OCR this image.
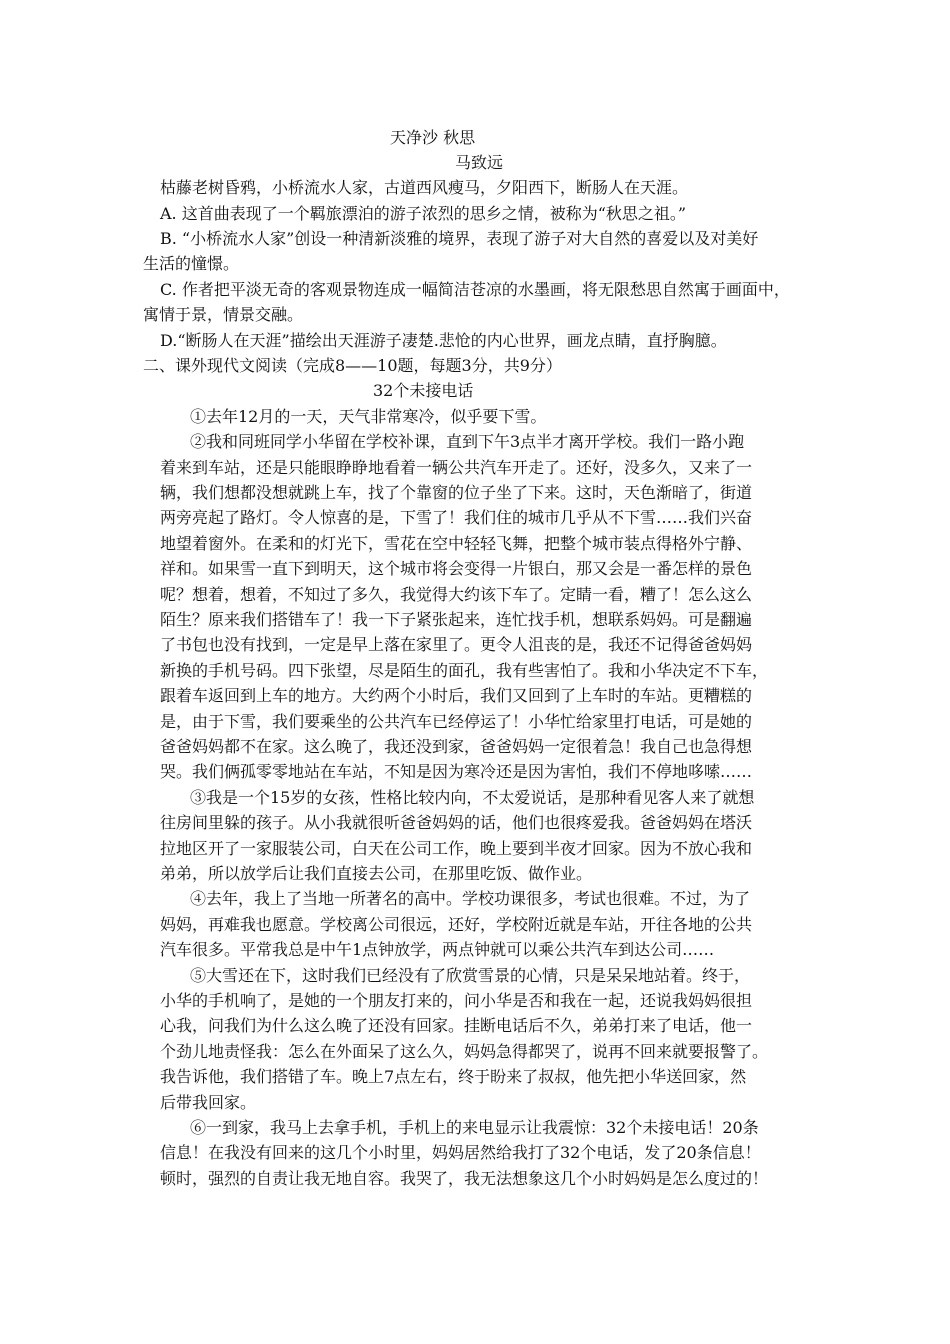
天净沙 秋思
马致远
枯藤老树昏鸦，小桥流水人家，古道西风瘦马，夕阳西下，断肠人在天涯。
A. 这首曲表现了一个羁旅漂泊的游子浓烈的思乡之情，被称为“秋思之祖。”
B. “小桥流水人家”创设一种清新淡雅的境界，表现了游子对大自然的喜爱以及对美好
生活的憧憬。
C. 作者把平淡无奇的客观景物连成一幅简洁苍凉的水墨画，将无限愁思自然寓于画面中，
寓情于景，情景交融。
D.“断肠人在天涯”描绘出天涯游子凄楚.悲怆的内心世界，画龙点睛，直抒胸臆。
二、课外现代文阅读（完成8——10题，每题3分，共9分）
32个未接电话
①去年12月的一天，天气非常寒冷，似乎要下雪。
②我和同班同学小华留在学校补课，直到下午3点半才离开学校。我们一路小跑
着来到车站，还是只能眼睁睁地看着一辆公共汽车开走了。还好，没多久，又来了一
辆，我们想都没想就跳上车，找了个靠窗的位子坐了下来。这时，天色渐暗了，街道
两旁亮起了路灯。令人惊喜的是，下雪了！我们住的城市几乎从不下雪……我们兴奋
地望着窗外。在柔和的灯光下，雪花在空中轻轻飞舞，把整个城市装点得格外宁静、
祥和。如果雪一直下到明天，这个城市将会变得一片银白，那又会是一番怎样的景色
呢？想着，想着，不知过了多久，我觉得大约该下车了。定睛一看，糟了！怎么这么
陌生？原来我们搭错车了！我一下子紧张起来，连忙找手机，想联系妈妈。可是翻遍
了书包也没有找到，一定是早上落在家里了。更令人沮丧的是，我还不记得爸爸妈妈
新换的手机号码。四下张望，尽是陌生的面孔，我有些害怕了。我和小华决定不下车，
跟着车返回到上车的地方。大约两个小时后，我们又回到了上车时的车站。更糟糕的
是，由于下雪，我们要乘坐的公共汽车已经停运了！小华忙给家里打电话，可是她的
爸爸妈妈都不在家。这么晚了，我还没到家，爸爸妈妈一定很着急！我自己也急得想
哭。我们俩孤零零地站在车站，不知是因为寒冷还是因为害怕，我们不停地哆嗦……
③我是一个15岁的女孩，性格比较内向，不太爱说话，是那种看见客人来了就想
往房间里躲的孩子。从小我就很听爸爸妈妈的话，他们也很疼爱我。爸爸妈妈在塔沃
拉地区开了一家服装公司，白天在公司工作，晚上要到半夜才回家。因为不放心我和
弟弟，所以放学后让我们直接去公司，在那里吃饭、做作业。
④去年，我上了当地一所著名的高中。学校功课很多，考试也很难。不过，为了
妈妈，再难我也愿意。学校离公司很远，还好，学校附近就是车站，开往各地的公共
汽车很多。平常我总是中午1点钟放学，两点钟就可以乘公共汽车到达公司……
⑤大雪还在下，这时我们已经没有了欣赏雪景的心情，只是呆呆地站着。终于，
小华的手机响了，是她的一个朋友打来的，问小华是否和我在一起，还说我妈妈很担
心我，问我们为什么这么晚了还没有回家。挂断电话后不久，弟弟打来了电话，他一
个劲儿地责怪我：怎么在外面呆了这么久，妈妈急得都哭了，说再不回来就要报警了。
我告诉他，我们搭错了车。晚上7点左右，终于盼来了叔叔，他先把小华送回家，然
后带我回家。
⑥一到家，我马上去拿手机，手机上的来电显示让我震惊：32个未接电话！20条
信息！在我没有回来的这几个小时里，妈妈居然给我打了32个电话，发了20条信息！
顿时，强烈的自责让我无地自容。我哭了，我无法想象这几个小时妈妈是怎么度过的！
